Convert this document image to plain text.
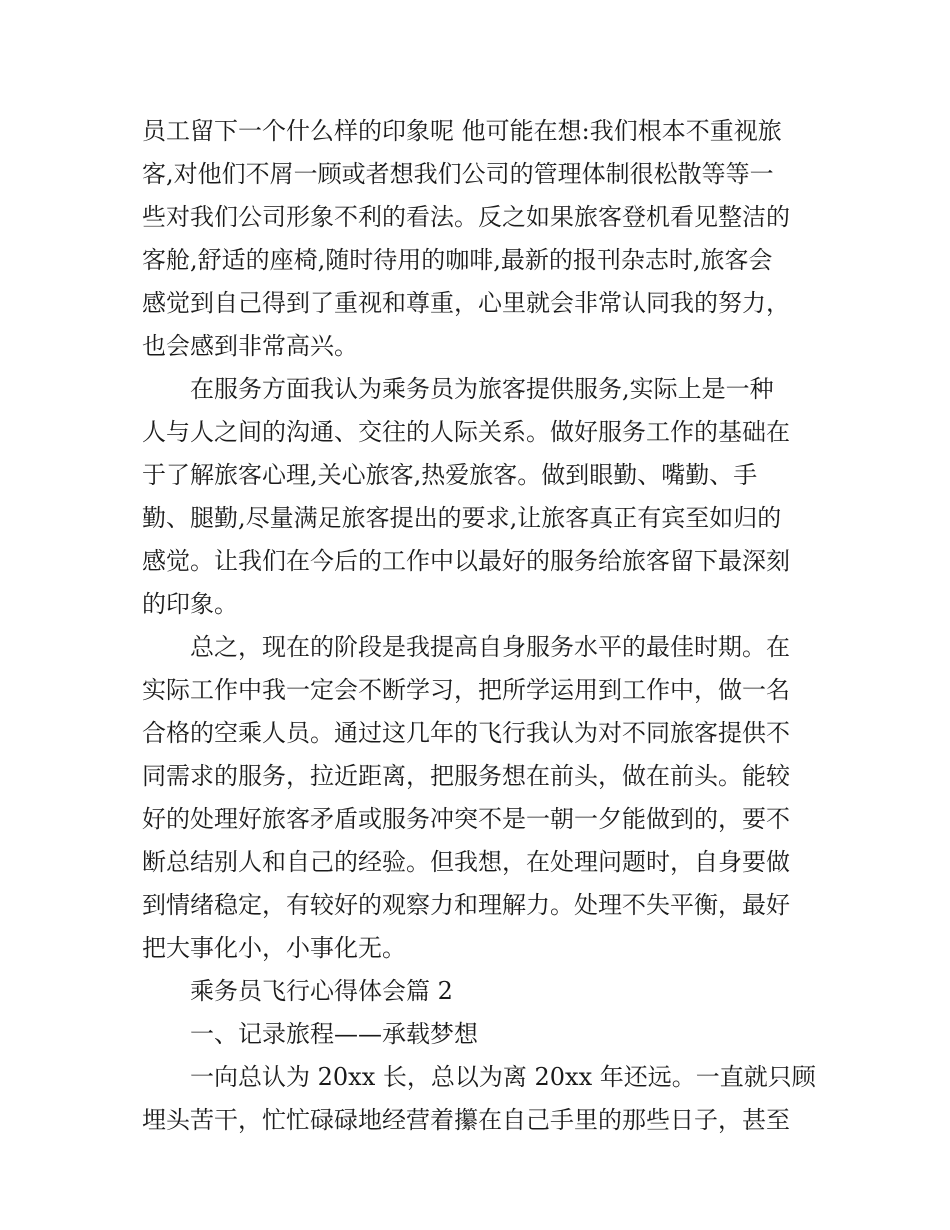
员工留下一个什么样的印象呢 他可能在想:我们根本不重视旅
客,对他们不屑一顾或者想我们公司的管理体制很松散等等一
些对我们公司形象不利的看法。反之如果旅客登机看见整洁的
客舱,舒适的座椅,随时待用的咖啡,最新的报刊杂志时,旅客会
感觉到自己得到了重视和尊重，心里就会非常认同我的努力，
也会感到非常高兴。
在服务方面我认为乘务员为旅客提供服务,实际上是一种
人与人之间的沟通、交往的人际关系。做好服务工作的基础在
于了解旅客心理,关心旅客,热爱旅客。做到眼勤、嘴勤、手
勤、腿勤,尽量满足旅客提出的要求,让旅客真正有宾至如归的
感觉。让我们在今后的工作中以最好的服务给旅客留下最深刻
的印象。
总之，现在的阶段是我提高自身服务水平的最佳时期。在
实际工作中我一定会不断学习，把所学运用到工作中，做一名
合格的空乘人员。通过这几年的飞行我认为对不同旅客提供不
同需求的服务，拉近距离，把服务想在前头，做在前头。能较
好的处理好旅客矛盾或服务冲突不是一朝一夕能做到的，要不
断总结别人和自己的经验。但我想，在处理问题时，自身要做
到情绪稳定，有较好的观察力和理解力。处理不失平衡，最好
把大事化小，小事化无。
乘务员飞行心得体会篇 2
一、记录旅程——承载梦想
一向总认为 20xx 长，总以为离 20xx 年还远。一直就只顾
埋头苦干，忙忙碌碌地经营着攥在自己手里的那些日子，甚至
